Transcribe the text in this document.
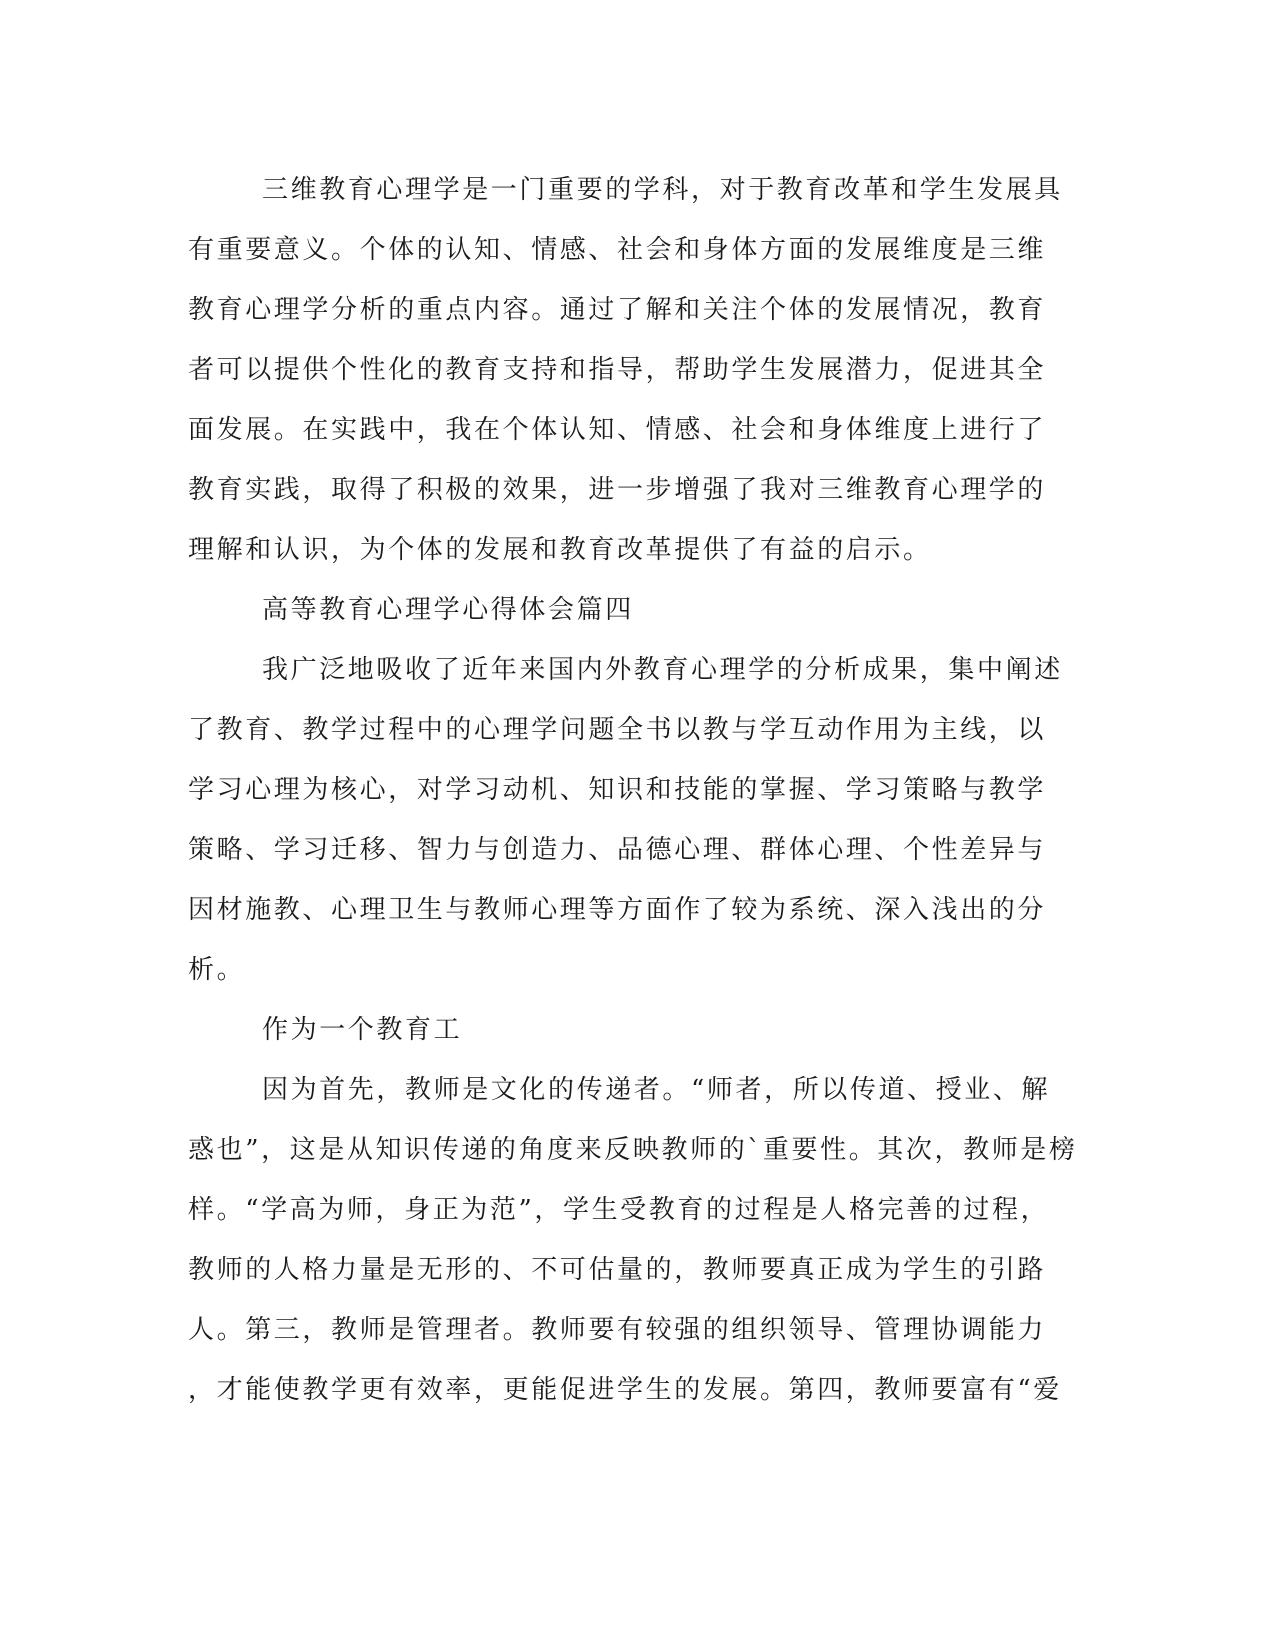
三维教育心理学是一门重要的学科，对于教育改革和学生发展具
有重要意义。个体的认知、情感、社会和身体方面的发展维度是三维
教育心理学分析的重点内容。通过了解和关注个体的发展情况，教育
者可以提供个性化的教育支持和指导，帮助学生发展潜力，促进其全
面发展。在实践中，我在个体认知、情感、社会和身体维度上进行了
教育实践，取得了积极的效果，进一步增强了我对三维教育心理学的
理解和认识，为个体的发展和教育改革提供了有益的启示。
高等教育心理学心得体会篇四
我广泛地吸收了近年来国内外教育心理学的分析成果，集中阐述
了教育、教学过程中的心理学问题全书以教与学互动作用为主线，以
学习心理为核心，对学习动机、知识和技能的掌握、学习策略与教学
策略、学习迁移、智力与创造力、品德心理、群体心理、个性差异与
因材施教、心理卫生与教师心理等方面作了较为系统、深入浅出的分
析。
作为一个教育工
因为首先，教师是文化的传递者。“师者，所以传道、授业、解
惑也”，这是从知识传递的角度来反映教师的`重要性。其次，教师是榜
样。“学高为师，身正为范”，学生受教育的过程是人格完善的过程，
教师的人格力量是无形的、不可估量的，教师要真正成为学生的引路
人。第三，教师是管理者。教师要有较强的组织领导、管理协调能力
，才能使教学更有效率，更能促进学生的发展。第四，教师要富有“爱
